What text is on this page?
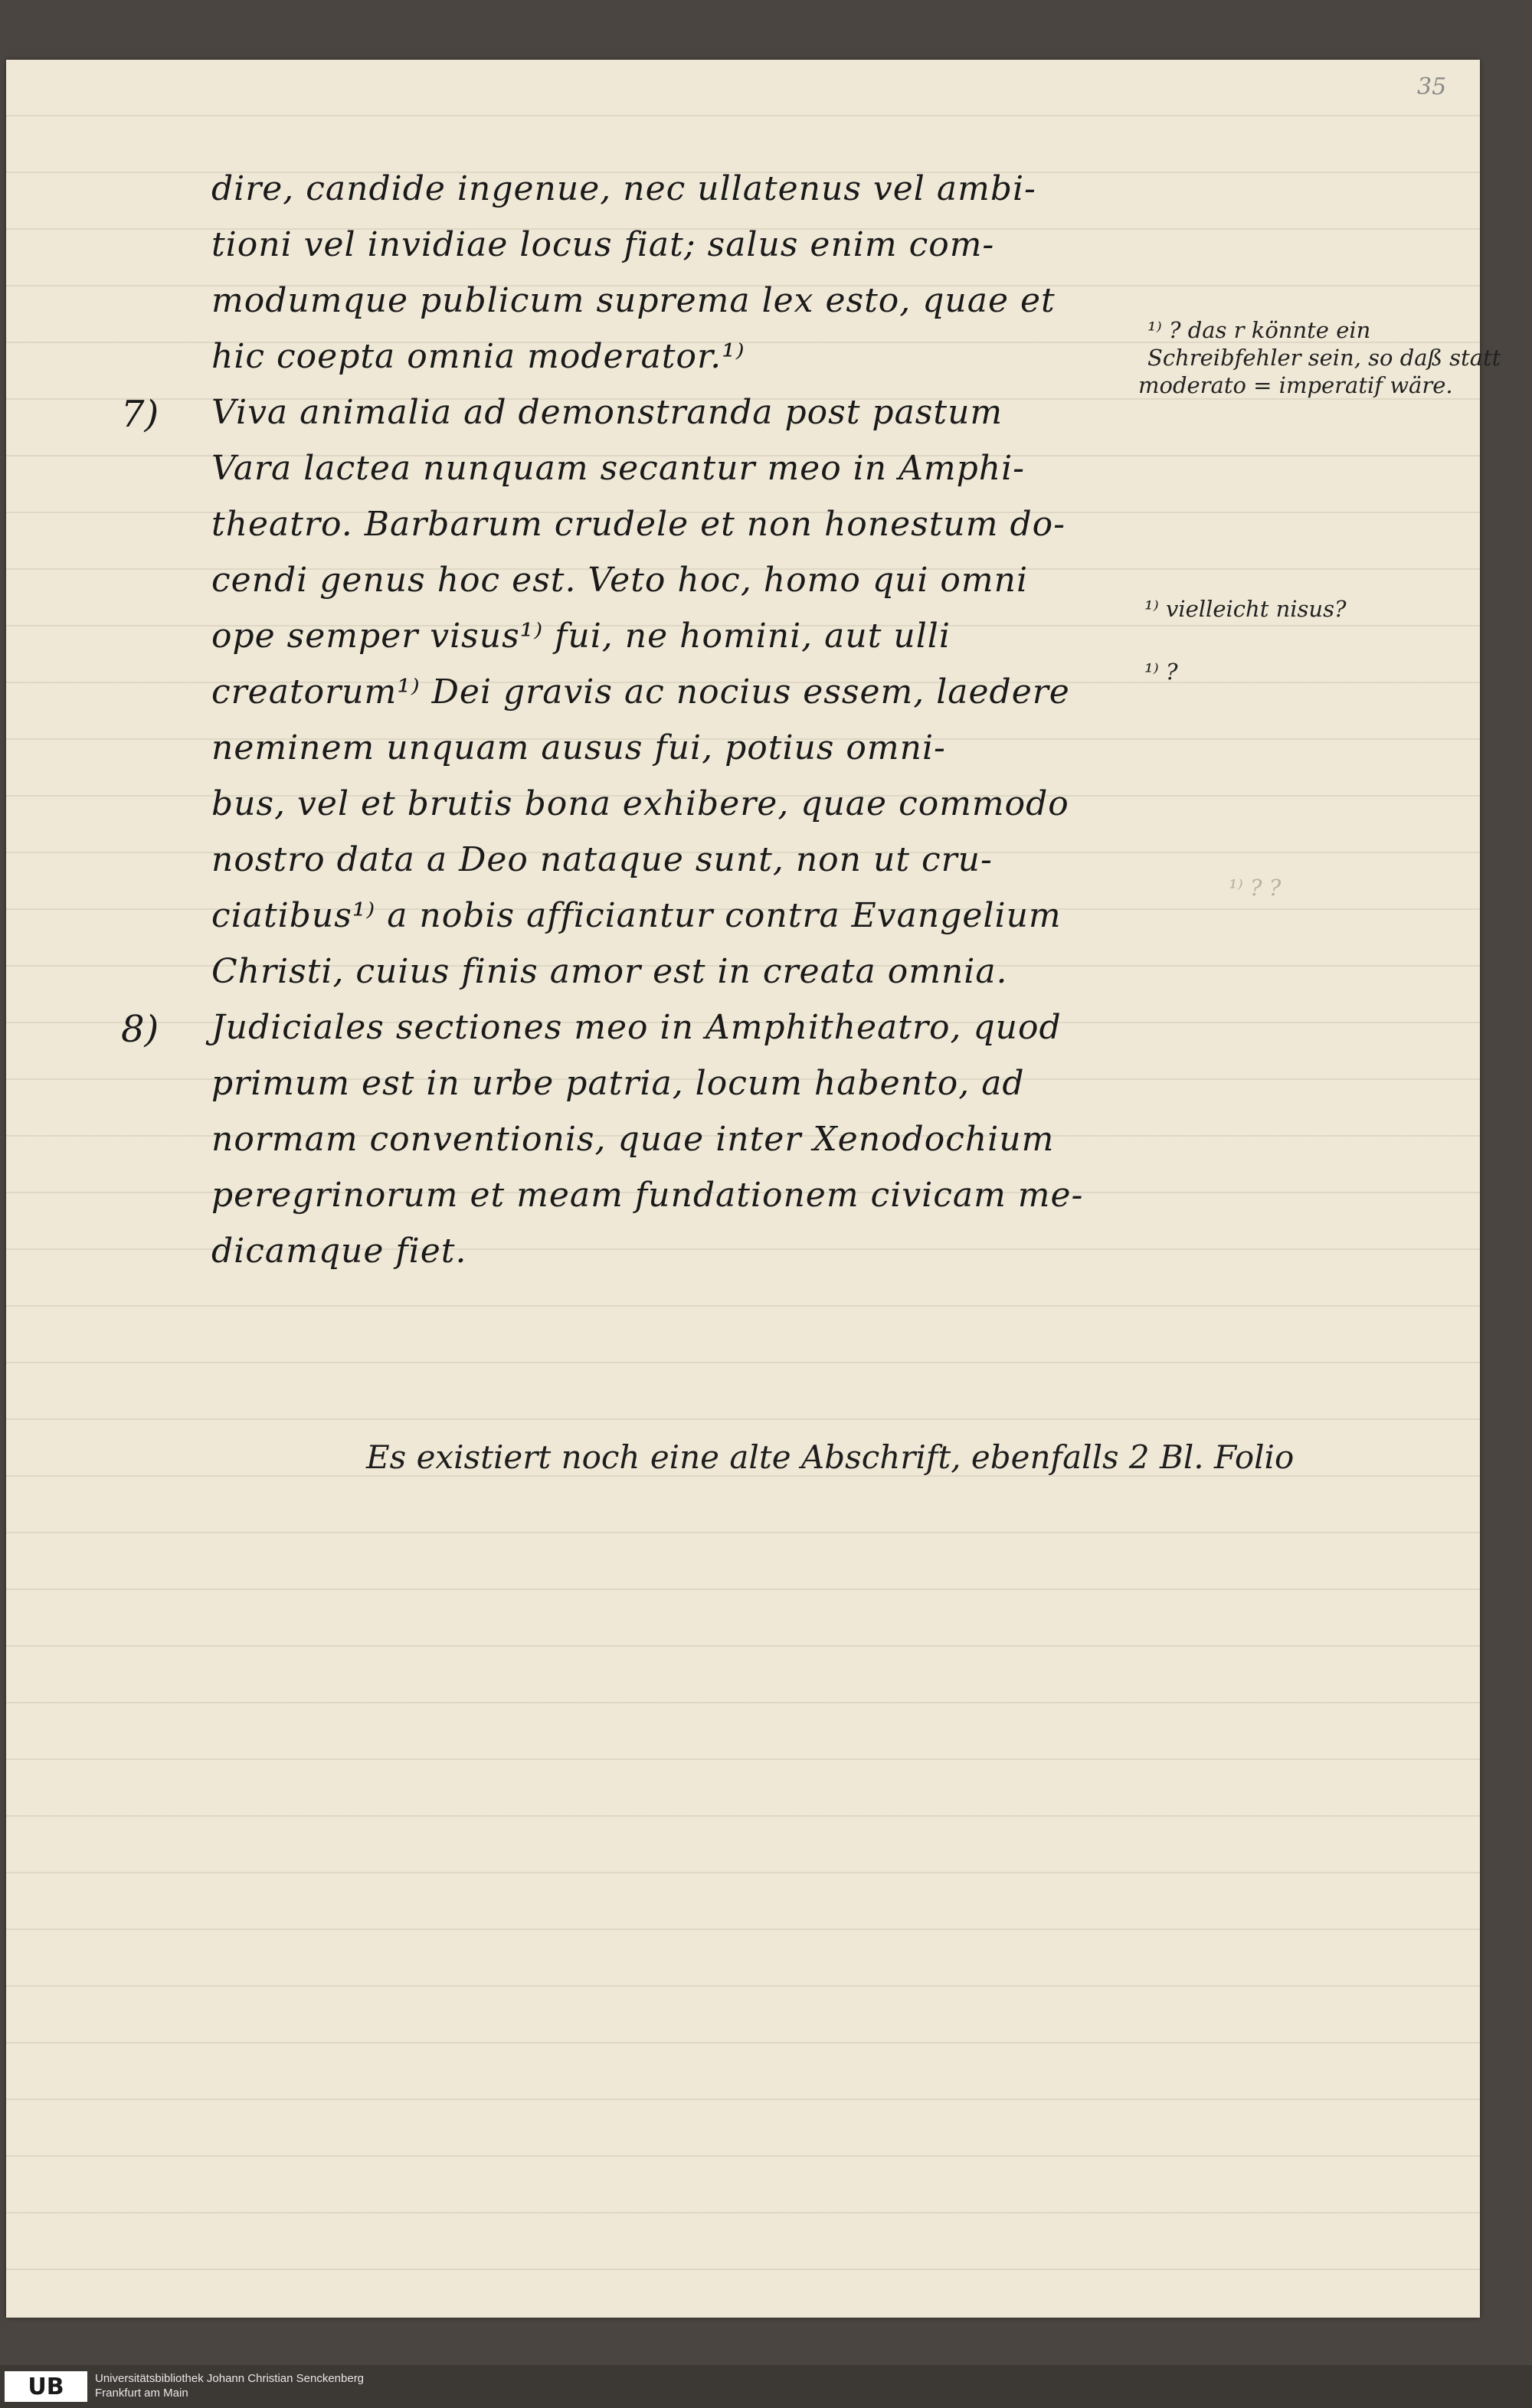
35

dire, candide ingenue, nec ullatenus vel ambi-

tioni vel invidiae locus fiat; salus enim com-

modumque publicum suprema lex esto, quae et

hic coepta omnia moderator.¹⁾

7) Viva animalia ad demonstranda post pastum

Vara lactea nunquam secantur meo in Amphi-

theatro. Barbarum crudele et non honestum do-

cendi genus hoc est. Veto hoc, homo qui omni

ope semper visus¹⁾ fui, ne homini, aut ulli

creatorum¹⁾ Dei gravis ac nocius essem, laedere

neminem unquam ausus fui, potius omni-

bus, vel et brutis bona exhibere, quae commodo

nostro data a Deo nataque sunt, non ut cru-

ciatibus¹⁾ a nobis afficiantur contra Evangelium

Christi, cuius finis amor est in creata omnia.

8) Judiciales sectiones meo in Amphitheatro, quod

primum est in urbe patria, locum habento, ad

normam conventionis, quae inter Xenodochium

peregrinorum et meam fundationem civicam me-

dicamque fiet.

¹⁾ ? das r könnte ein

Schreibfehler sein, so daß statt

moderato = imperatif wäre.

¹⁾ vielleicht nisus?

¹⁾ ?

¹⁾ ? ?

Es existiert noch eine alte Abschrift, ebenfalls 2 Bl. Folio

UB	Universitätsbibliothek Johann Christian Senckenberg
Frankfurt am Main
